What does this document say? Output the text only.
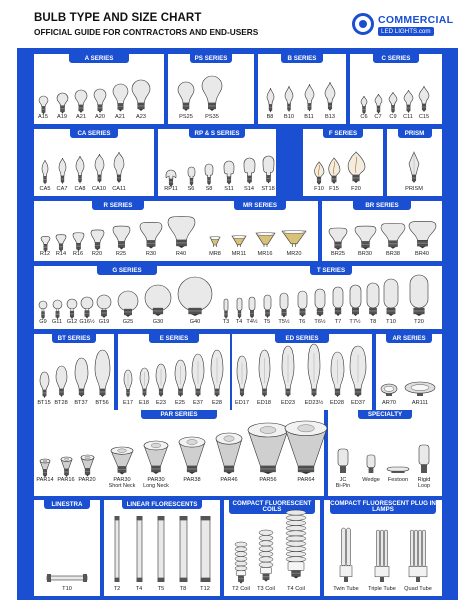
BULB TYPE AND SIZE CHART
OFFICIAL GUIDE FOR CONTRACTORS AND END-USERS
COMMERCIAL
LED LIGHTS.com
A SERIES
A15 A19 A21 A20 A21 A23
PS SERIES
PS25 PS35
B SERIES
B8 B10 B11 B13
C SERIES
C6 C7 C9 C11 C15
CA SERIES
CA5 CA7 CA8 CA10 CA11
RP & S SERIES
RP11 S6 S8 S11 S14 ST18
F SERIES
F10 F15 F20
PRISM
PRISM
R SERIES
R12 R14 R16 R20 R25	R30	R40
MR SERIES
MR8 MR11 MR16	MR20
BR SERIES
BR25 BR30	BR38	BR40
G SERIES
G9 G11 G12 G16½ G19 G25	G30	G40
T SERIES
T3 T4 T4½ T5 T5½ T6 T6½ T7 T7½ T8 T10	T20
BT SERIES
BT15 BT28 BT37 BT56
E SERIES
E17 E18 E23 E25 E37 E28
ED SERIES
ED17 ED18 ED23 ED23½ ED28 ED37
AR SERIES
AR70	AR111
PAR SERIES
PAR14 PAR16 PAR20	PAR30
Short Neck
PAR30
Long Neck
PAR38	PAR46	PAR56	PAR64
SPECIALTY
JC
Bi-Pin
Wedge Festoon Rigid
Loop
LINESTRA
T10
LINEAR FLORESCENTS
T2	T4	T5	T8 T12
COMPACT FLUORESCENT COILS
T2 Coil T3 Coil T4 Coil
COMPACT FLUORESCENT PLUG IN LAMPS
Twin Tube Triple Tube Quad Tube
